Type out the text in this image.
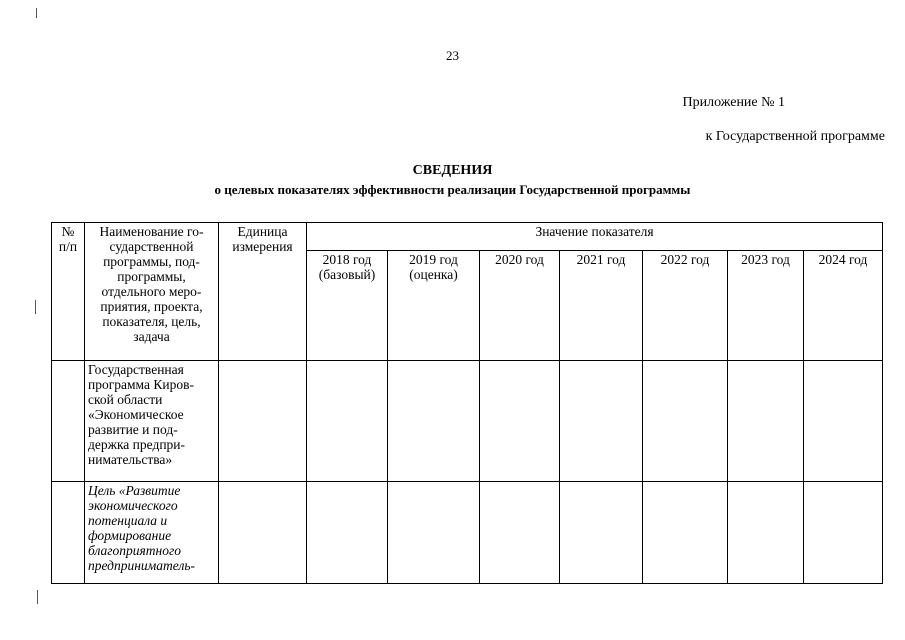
23
Приложение № 1
к Государственной программе
СВЕДЕНИЯ
о целевых показателях эффективности реализации Государственной программы
№ п/п	Наименование го-сударственной программы, под-программы, отдельного меро-приятия, проекта, показателя, цель, задача	Единица измерения	Значение показателя						
			2018 год (базовый)	2019 год (оценка)	2020 год	2021 год	2022 год	2023 год	2024 год
	Государственная программа Киров-ской области «Экономическое развитие и под-держка предпри-нимательства»								
	Цель «Развитие экономического потенциала и формирование благоприятного предприниматель-								
